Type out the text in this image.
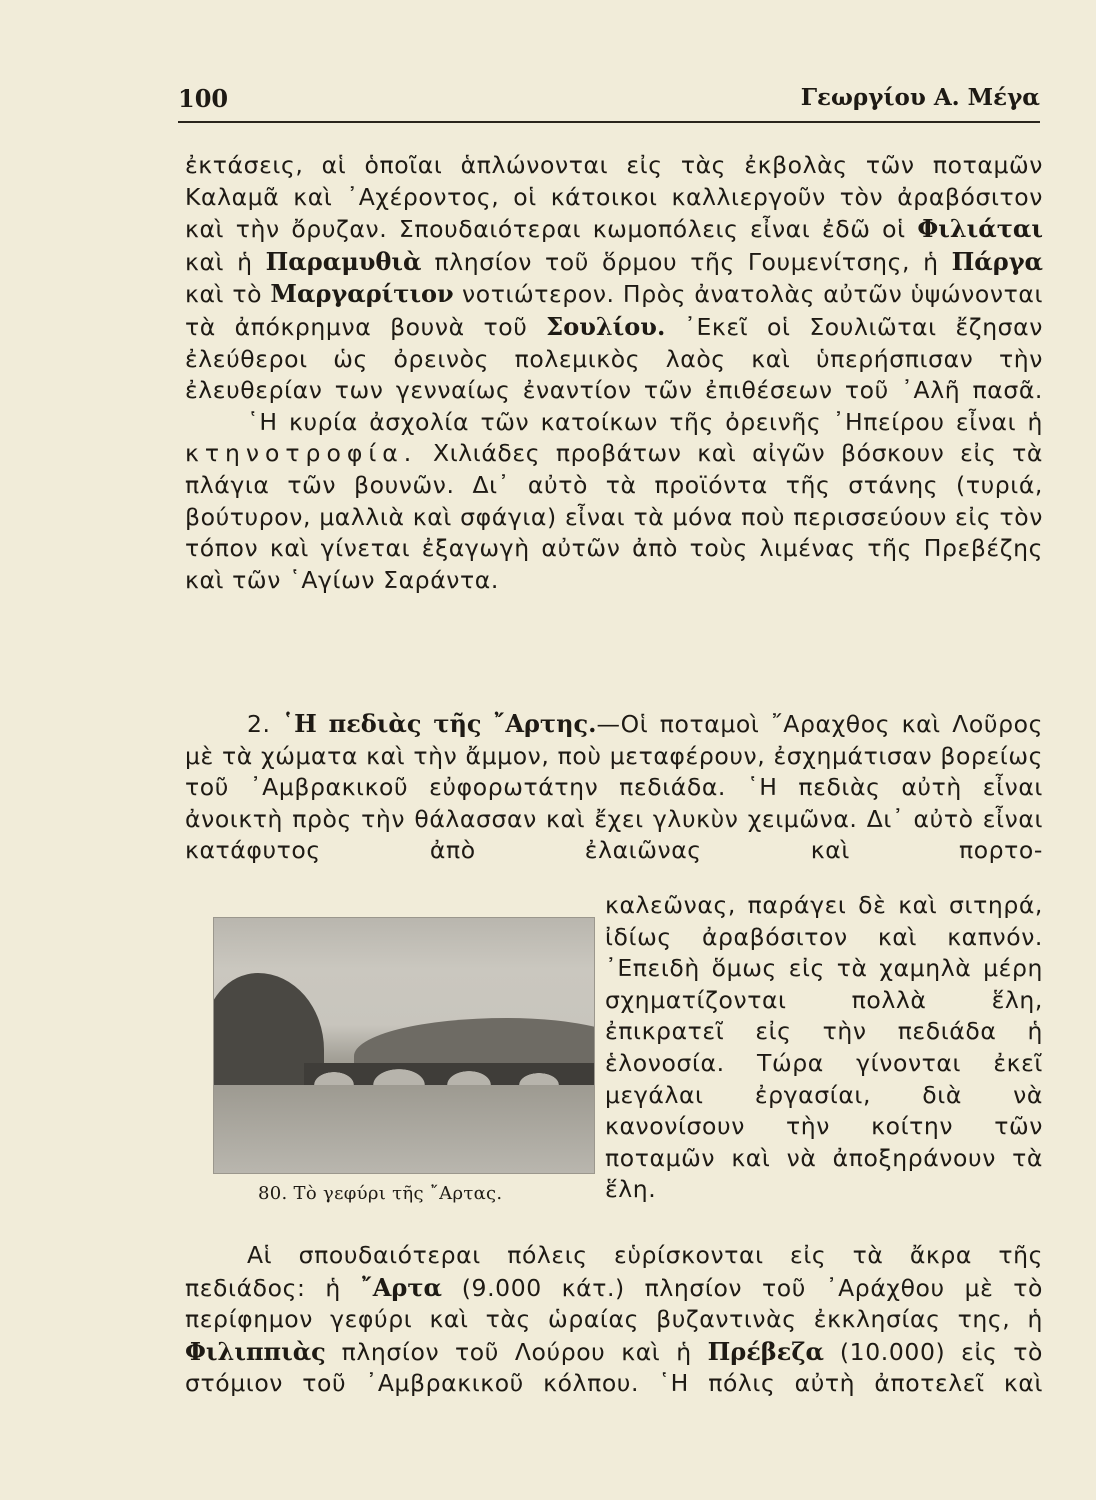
100	Γεωργίου Α. Μέγα

ἐκτάσεις, αἱ ὁποῖαι ἁπλώνονται εἰς τὰς ἐκβολὰς τῶν ποταμῶν Καλαμᾶ καὶ ᾿Αχέροντος, οἱ κάτοικοι καλλιεργοῦν τὸν ἀραβόσιτον καὶ τὴν ὄρυζαν. Σπουδαιότεραι κωμοπόλεις εἶναι ἐδῶ οἱ Φιλιάται καὶ ἡ Παραμυθιὰ πλησίον τοῦ ὅρμου τῆς Γουμενίτσης, ἡ Πάργα καὶ τὸ Μαργαρίτιον νοτιώτερον. Πρὸς ἀνατολὰς αὐτῶν ὑψώνονται τὰ ἀπόκρημνα βουνὰ τοῦ Σουλίου. ᾿Εκεῖ οἱ Σουλιῶται ἔζησαν ἐλεύθεροι ὡς ὀρεινὸς πολεμικὸς λαὸς καὶ ὑπερήσπισαν τὴν ἐλευθερίαν των γενναίως ἐναντίον τῶν ἐπιθέσεων τοῦ ᾿Αλῆ πασᾶ.

῾Η κυρία ἀσχολία τῶν κατοίκων τῆς ὀρεινῆς ᾿Ηπείρου εἶναι ἡ κτηνοτροφία. Χιλιάδες προβάτων καὶ αἰγῶν βόσκουν εἰς τὰ πλάγια τῶν βουνῶν. Δι᾿ αὐτὸ τὰ προϊόντα τῆς στάνης (τυριά, βούτυρον, μαλλιὰ καὶ σφάγια) εἶναι τὰ μόνα ποὺ περισσεύουν εἰς τὸν τόπον καὶ γίνεται ἐξαγωγὴ αὐτῶν ἀπὸ τοὺς λιμένας τῆς Πρεβέζης καὶ τῶν ῾Αγίων Σαράντα.

2. ῾Η πεδιὰς τῆς ῎Αρτης.—Οἱ ποταμοὶ ῎Αραχθος καὶ Λοῦρος μὲ τὰ χώματα καὶ τὴν ἄμμον, ποὺ μεταφέρουν, ἐσχημάτισαν βορείως τοῦ ᾿Αμβρακικοῦ εὐφορωτάτην πεδιάδα. ῾Η πεδιὰς αὐτὴ εἶναι ἀνοικτὴ πρὸς τὴν θάλασσαν καὶ ἔχει γλυκὺν χειμῶνα. Δι᾿ αὐτὸ εἶναι κατάφυτος ἀπὸ ἐλαιῶνας καὶ πορτο-

80. Τὸ γεφύρι τῆς ῎Αρτας.

καλεῶνας, παράγει δὲ καὶ σιτηρά, ἰδίως ἀραβόσιτον καὶ καπνόν. ᾿Επειδὴ ὅμως εἰς τὰ χαμηλὰ μέρη σχηματίζονται πολλὰ ἕλη, ἐπικρατεῖ εἰς τὴν πεδιάδα ἡ ἑλονοσία. Τώρα γίνονται ἐκεῖ μεγάλαι ἐργασίαι, διὰ νὰ κανονίσουν τὴν κοίτην τῶν ποταμῶν καὶ νὰ ἀποξηράνουν τὰ ἕλη.

Αἱ σπουδαιότεραι πόλεις εὑρίσκονται εἰς τὰ ἄκρα τῆς πεδιάδος: ἡ ῎Αρτα (9.000 κάτ.) πλησίον τοῦ ᾿Αράχθου μὲ τὸ περίφημον γεφύρι καὶ τὰς ὡραίας βυζαντινὰς ἐκκλησίας της, ἡ Φιλιππιὰς πλησίον τοῦ Λούρου καὶ ἡ Πρέβεζα (10.000) εἰς τὸ στόμιον τοῦ ᾿Αμβρακικοῦ κόλπου. ῾Η πόλις αὐτὴ ἀποτελεῖ καὶ
